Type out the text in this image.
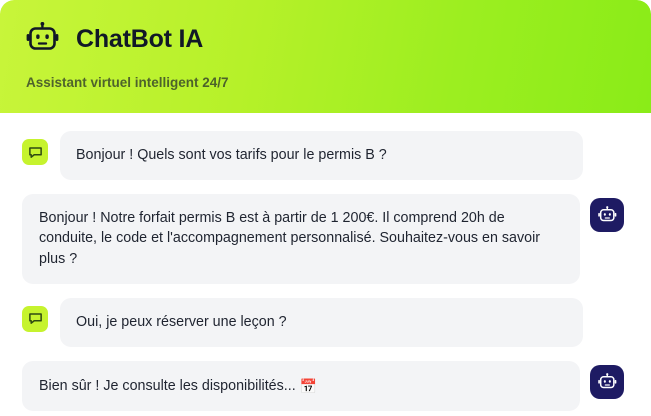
ChatBot IA
Assistant virtuel intelligent 24/7
Bonjour ! Quels sont vos tarifs pour le permis B ?
Bonjour ! Notre forfait permis B est à partir de 1 200€. Il comprend 20h de conduite, le code et l'accompagnement personnalisé. Souhaitez-vous en savoir plus ?
Oui, je peux réserver une leçon ?
Bien sûr ! Je consulte les disponibilités... 📅
